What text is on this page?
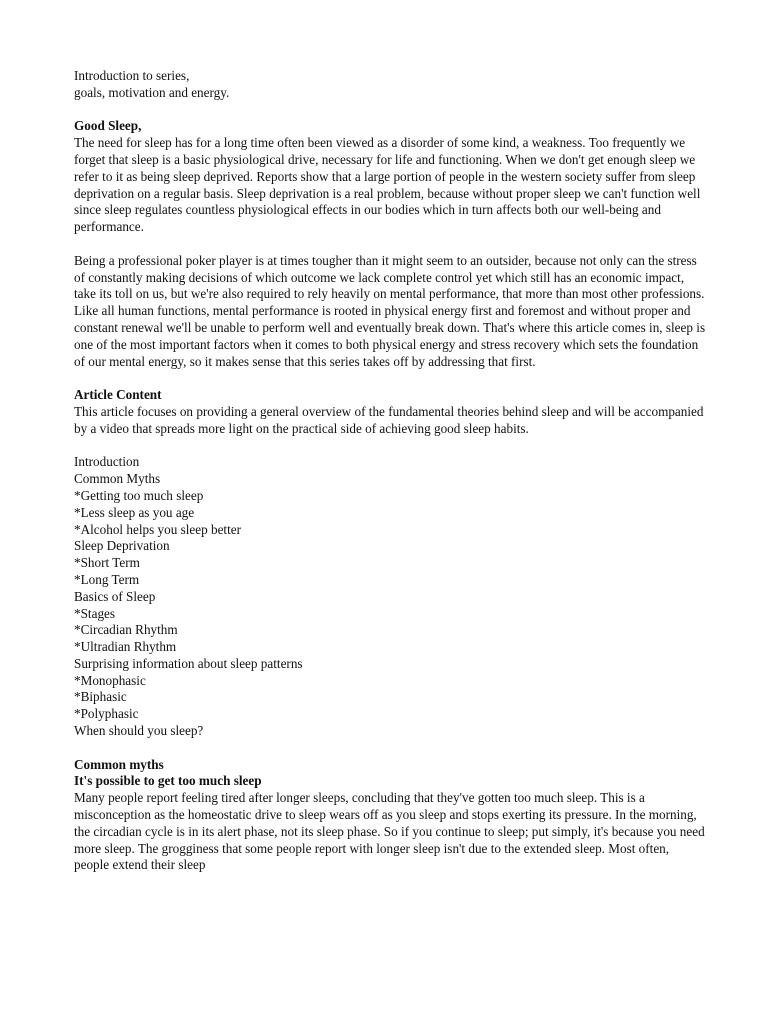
Introduction to series,
goals, motivation and energy.
Good Sleep,

The need for sleep has for a long time often been viewed as a disorder of some kind, a weakness. Too frequently we forget that sleep is a basic physiological drive, necessary for life and functioning. When we don't get enough sleep we refer to it as being sleep deprived. Reports show that a large portion of people in the western society suffer from sleep deprivation on a regular basis. Sleep deprivation is a real problem, because without proper sleep we can't function well since sleep regulates countless physiological effects in our bodies which in turn affects both our well-being and performance.

Being a professional poker player is at times tougher than it might seem to an outsider, because not only can the stress of constantly making decisions of which outcome we lack complete control yet which still has an economic impact, take its toll on us, but we're also required to rely heavily on mental performance, that more than most other professions. Like all human functions, mental performance is rooted in physical energy first and foremost and without proper and constant renewal we'll be unable to perform well and eventually break down. That's where this article comes in, sleep is one of the most important factors when it comes to both physical energy and stress recovery which sets the foundation of our mental energy, so it makes sense that this series takes off by addressing that first.

Article Content

This article focuses on providing a general overview of the fundamental theories behind sleep and will be accompanied by a video that spreads more light on the practical side of achieving good sleep habits.

Introduction
Common Myths
*Getting too much sleep
*Less sleep as you age
*Alcohol helps you sleep better
Sleep Deprivation
*Short Term
*Long Term
Basics of Sleep
*Stages
*Circadian Rhythm
*Ultradian Rhythm
Surprising information about sleep patterns
*Monophasic
*Biphasic
*Polyphasic
When should you sleep?
Common myths
It's possible to get too much sleep

Many people report feeling tired after longer sleeps, concluding that they've gotten too much sleep. This is a misconception as the homeostatic drive to sleep wears off as you sleep and stops exerting its pressure. In the morning, the circadian cycle is in its alert phase, not its sleep phase. So if you continue to sleep; put simply, it's because you need more sleep. The grogginess that some people report with longer sleep isn't due to the extended sleep. Most often, people extend their sleep
